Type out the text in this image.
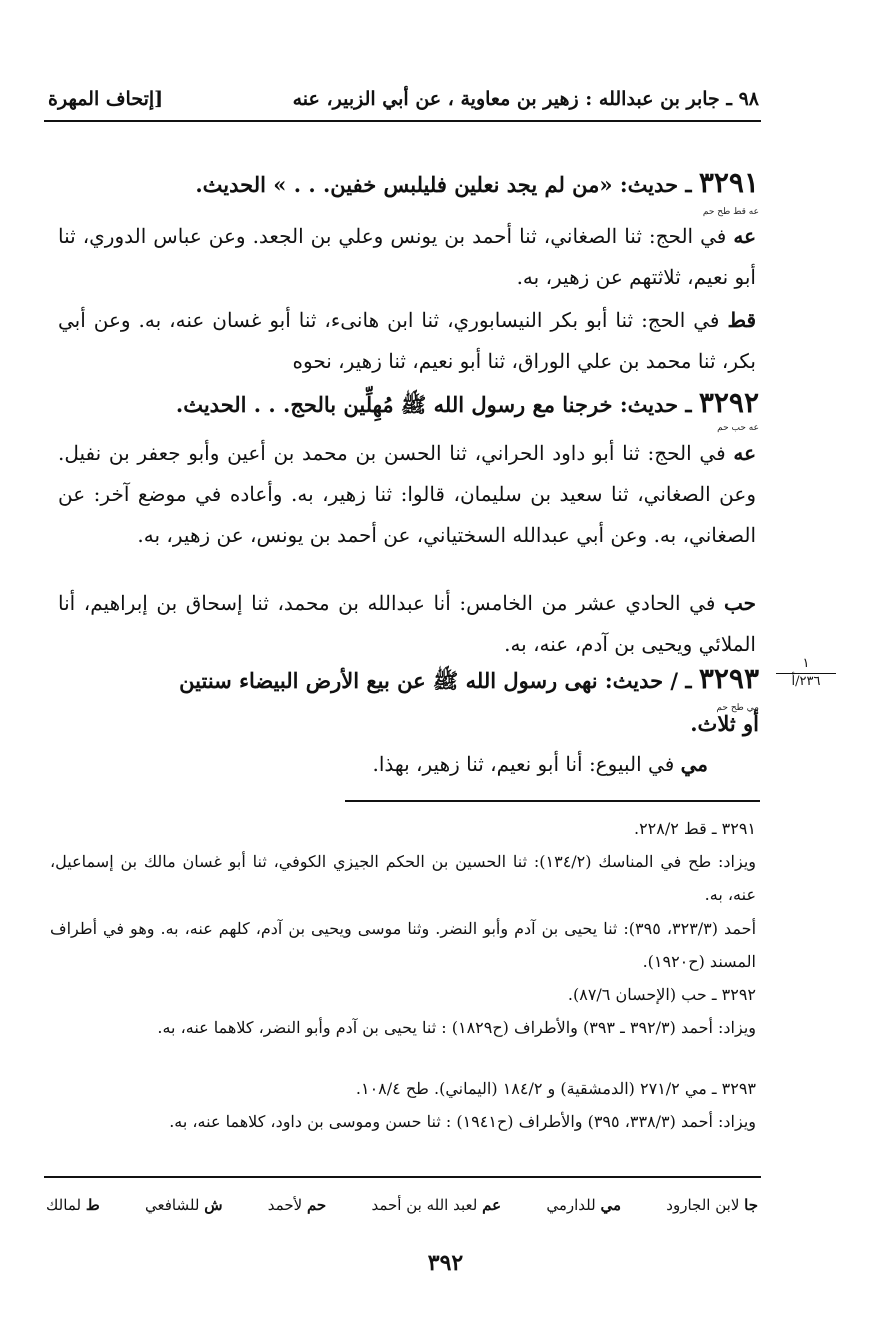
٩٨ ـ جابر بن عبدالله : زهير بن معاوية ، عن أبي الزبير، عنه
[إتحاف المهرة
٣٢٩١ ـ حديث: «من لم يجد نعلين فليلبس خفين. . . » الحديث.
عه قط طح حم
عه في الحج: ثنا الصغاني، ثنا أحمد بن يونس وعلي بن الجعد. وعن عباس الدوري، ثنا أبو نعيم، ثلاثتهم عن زهير، به.
قط في الحج: ثنا أبو بكر النيسابوري، ثنا ابن هانىء، ثنا أبو غسان عنه، به. وعن أبي بكر، ثنا محمد بن علي الوراق، ثنا أبو نعيم، ثنا زهير، نحوه
٣٢٩٢ ـ حديث: خرجنا مع رسول الله ﷺ مُهِلِّين بالحج. . . الحديث.
عه حب حم
عه في الحج: ثنا أبو داود الحراني، ثنا الحسن بن محمد بن أعين وأبو جعفر بن نفيل. وعن الصغاني، ثنا سعيد بن سليمان، قالوا: ثنا زهير، به. وأعاده في موضع آخر: عن الصغاني، به. وعن أبي عبدالله السختياني، عن أحمد بن يونس، عن زهير، به.
حب في الحادي عشر من الخامس: أنا عبدالله بن محمد، ثنا إسحاق بن إبراهيم، أنا الملائي ويحيى بن آدم، عنه، به.
٣٢٩٣ ـ / حديث: نهى رسول الله ﷺ عن بيع الأرض البيضاء سنتين
مي طح حم
أو ثلاث.
مي في البيوع: أنا أبو نعيم، ثنا زهير، بهذا.
١
٢٣٦/أ
٣٢٩١ ـ قط ٢٢٨/٢.
ويزاد: طح في المناسك (١٣٤/٢): ثنا الحسين بن الحكم الجيزي الكوفي، ثنا أبو غسان مالك بن إسماعيل، عنه، به.
أحمد (٣٢٣/٣، ٣٩٥): ثنا يحيى بن آدم وأبو النضر. وثنا موسى ويحيى بن آدم، كلهم عنه، به. وهو في أطراف المسند (ح١٩٢٠).
٣٢٩٢ ـ حب (الإحسان ٨٧/٦).
ويزاد: أحمد (٣٩٢/٣ ـ ٣٩٣) والأطراف (ح١٨٢٩) : ثنا يحيى بن آدم وأبو النضر، كلاهما عنه، به.
٣٢٩٣ ـ مي ٢٧١/٢ (الدمشقية) و ١٨٤/٢ (اليماني). طح ١٠٨/٤.
ويزاد: أحمد (٣٣٨/٣، ٣٩٥) والأطراف (ح١٩٤١) : ثنا حسن وموسى بن داود، كلاهما عنه، به.
ط لمالك	ش للشافعي	حم لأحمد	عم لعبد الله بن أحمد	مي للدارمي	جا لابن الجارود
٣٩٢
